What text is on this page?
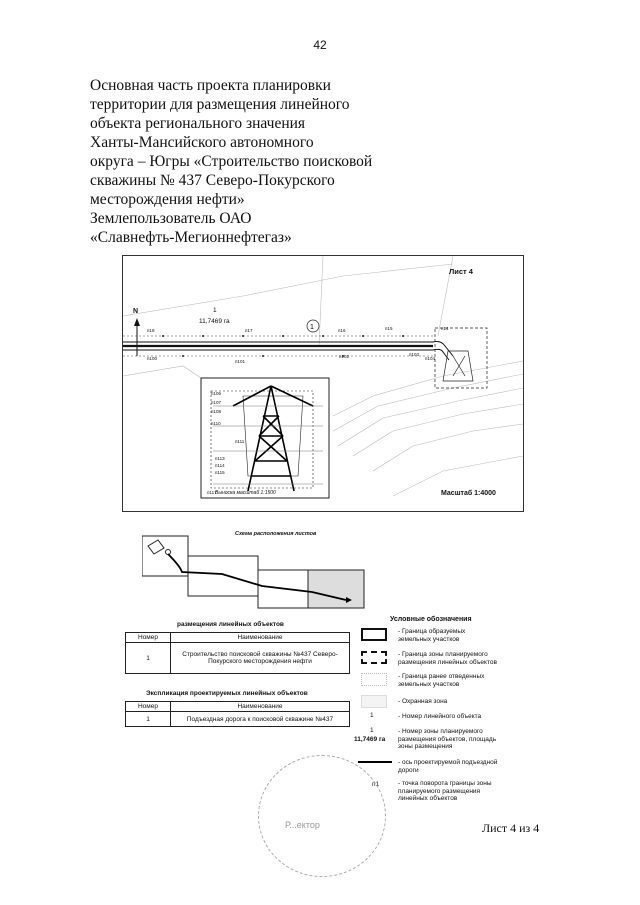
42
Основная часть проекта планировки
территории для размещения линейного
объекта регионального значения
Ханты-Мансийского автономного
округа – Югры «Строительство поисковой
скважины № 437 Северо-Покурского
месторождения нефти»
Землепользователь ОАО
«Славнефть-Мегионнефтегаз»
1
Лист 4
Масштаб 1:4000
N	1
11,7469 га
Выноска масштаб 1:1500
п18	п17	п16	п15	п14
п100
п101
п102	п103
п104
п106
п107
п108
п110
п111
п113
п114
п115
п117
Схема расположения листов
размещения линейных объектов
Номер	Наименование
1	Строительство поисковой скважины №437 Северо-Покурского месторождения нефти
Экспликация проектируемых линейных объектов
Номер	Наименование
1	Подъездная дорога к поисковой скважине №437
Условные обозначения
- Граница образуемых земельных участков
- Граница зоны планируемого размещения линейных объектов
- Граница ранее отведенных земельных участков
- Охранная зона
1	- Номер линейного объекта
1
11,7469 га
- Номер зоны планируемого размещения объектов, площадь зоны размещения
- ось проектируемой подъездной дороги
п1	- точка поворота границы зоны планируемого размещения линейных объектов
Р...ектор	Лист 4 из 4
